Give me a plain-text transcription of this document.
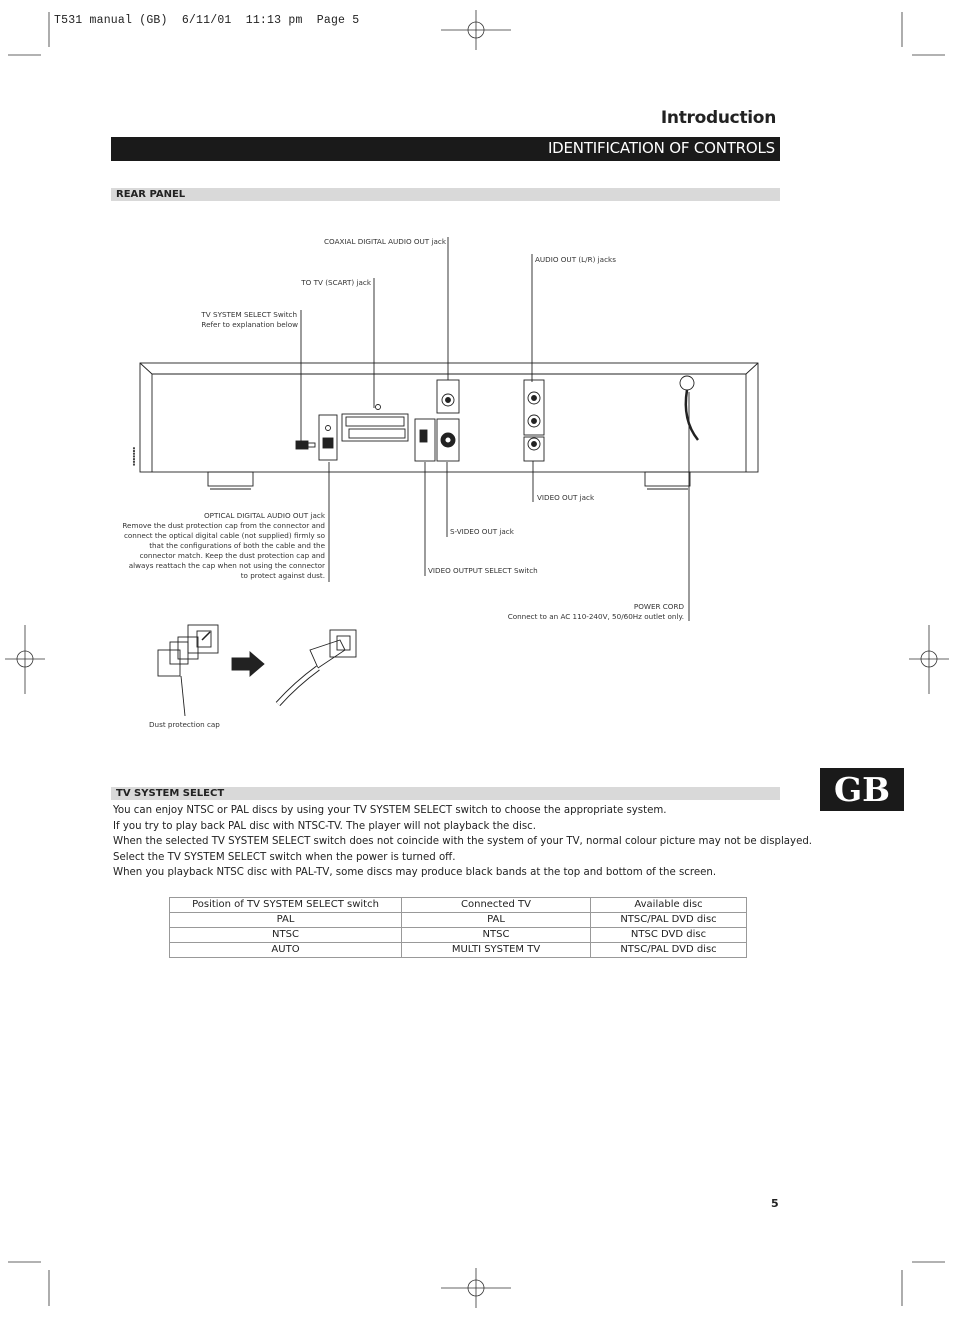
T531 manual (GB)  6/11/01  11:13 pm  Page 5
Introduction
IDENTIFICATION OF CONTROLS
REAR PANEL
▪▪▪▪▪▪▪
COAXIAL DIGITAL AUDIO OUT jack
AUDIO OUT (L/R) jacks
TO TV (SCART) jack
TV SYSTEM SELECT Switch
Refer to explanation below
OPTICAL DIGITAL AUDIO OUT jack
Remove the dust protection cap from the connector and
connect the optical digital cable (not supplied) firmly so
that the configurations of both the cable and the
connector match. Keep the dust protection cap and
always reattach the cap when not using the connector
to protect against dust.
VIDEO OUT jack
S-VIDEO OUT jack
VIDEO OUTPUT SELECT Switch
POWER CORD
Connect to an AC 110-240V, 50/60Hz outlet only.
Dust protection cap
TV SYSTEM SELECT
You can enjoy NTSC or PAL discs by using your TV SYSTEM SELECT switch to choose the appropriate system.
If you try to play back PAL disc with NTSC-TV. The player will not playback the disc.
When the selected TV SYSTEM SELECT switch does not coincide with the system of your TV, normal colour picture may not be displayed.
Select the TV SYSTEM SELECT switch when the power is turned off.
When you playback NTSC disc with PAL-TV, some discs may produce black bands at the top and bottom of the screen.
Position of TV SYSTEM SELECT switch	Connected TV	Available disc
PAL	PAL	NTSC/PAL DVD disc
NTSC	NTSC	NTSC DVD disc
AUTO	MULTI SYSTEM TV	NTSC/PAL DVD disc
GB
5
